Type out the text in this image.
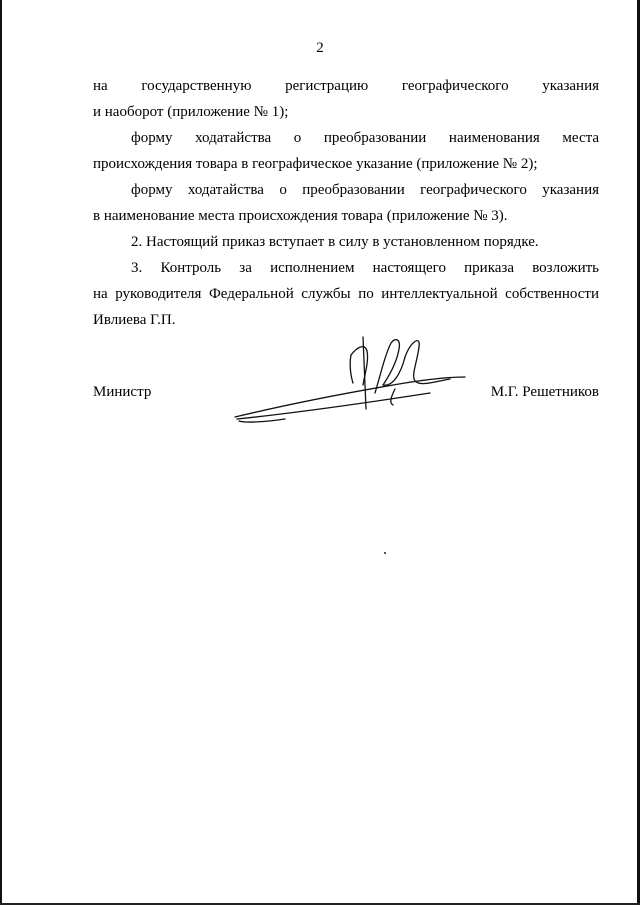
2

на государственную регистрацию географического указания

и наоборот (приложение № 1);

форму ходатайства о преобразовании наименования места

происхождения товара в географическое указание (приложение № 2);

форму ходатайства о преобразовании географического указания

в наименование места происхождения товара (приложение № 3).

2. Настоящий приказ вступает в силу в установленном порядке.

3. Контроль за исполнением настоящего приказа возложить

на руководителя Федеральной службы по интеллектуальной собственности

Ивлиева Г.П.

Министр	М.Г. Решетников
